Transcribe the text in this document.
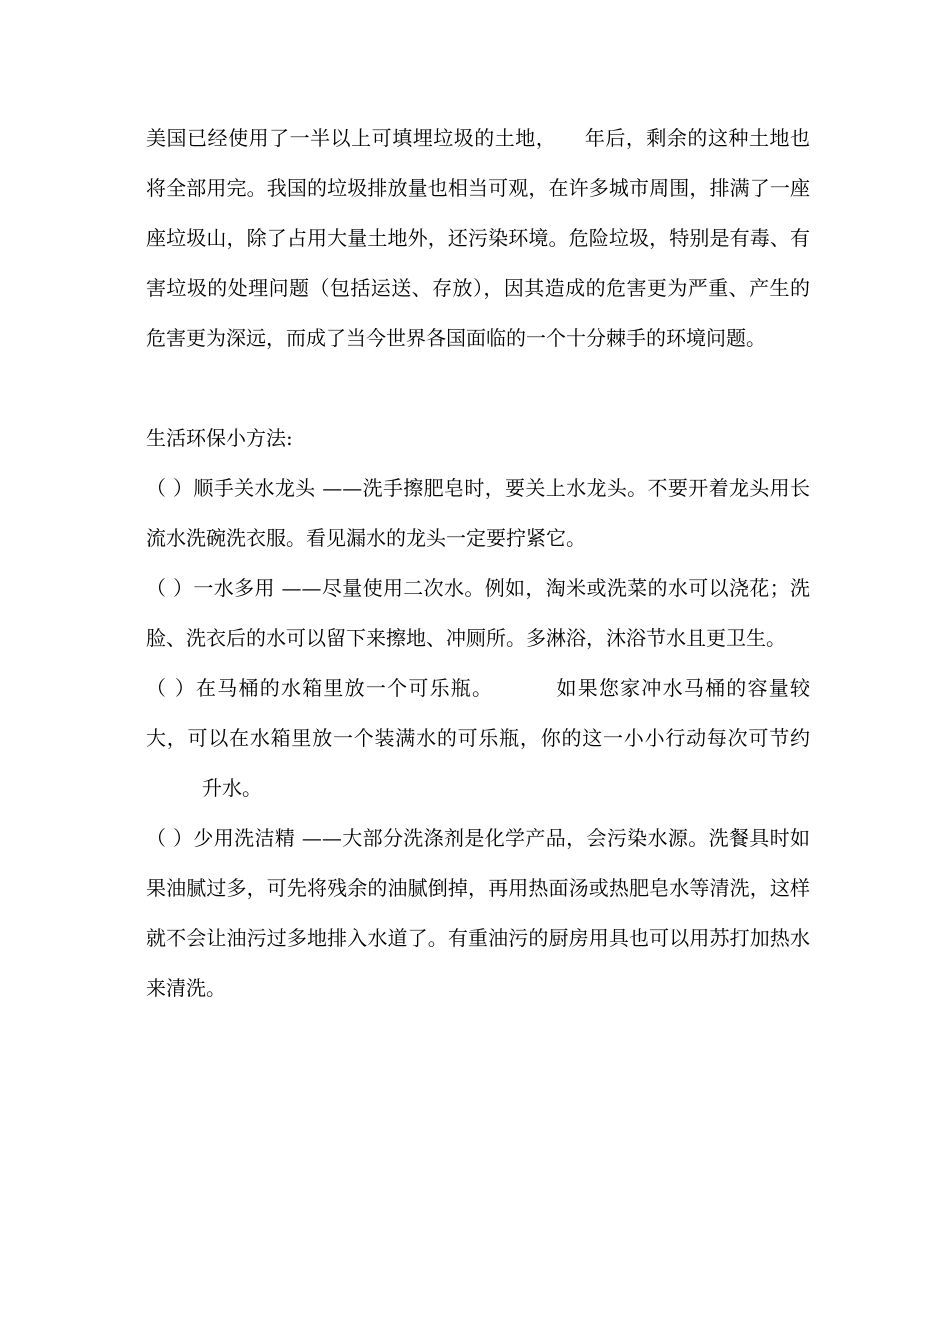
美国已经使用了一半以上可填埋垃圾的土地， 年后，剩余的这种土地也将全部用完。我国的垃圾排放量也相当可观，在许多城市周围，排满了一座座垃圾山，除了占用大量土地外，还污染环境。危险垃圾，特别是有毒、有害垃圾的处理问题（包括运送、存放），因其造成的危害更为严重、产生的危害更为深远，而成了当今世界各国面临的一个十分棘手的环境问题。

生活环保小方法:

（ ）顺手关水龙头 ——洗手擦肥皂时，要关上水龙头。不要开着龙头用长流水洗碗洗衣服。看见漏水的龙头一定要拧紧它。

（ ）一水多用 ——尽量使用二次水。例如，淘米或洗菜的水可以浇花；洗脸、洗衣后的水可以留下来擦地、冲厕所。多淋浴，沐浴节水且更卫生。

（ ）在马桶的水箱里放一个可乐瓶。	如果您家冲水马桶的容量较大，可以在水箱里放一个装满水的可乐瓶，你的这一小小行动每次可节约升水。

（ ）少用洗洁精 ——大部分洗涤剂是化学产品，会污染水源。洗餐具时如果油腻过多，可先将残余的油腻倒掉，再用热面汤或热肥皂水等清洗，这样就不会让油污过多地排入水道了。有重油污的厨房用具也可以用苏打加热水来清洗。
